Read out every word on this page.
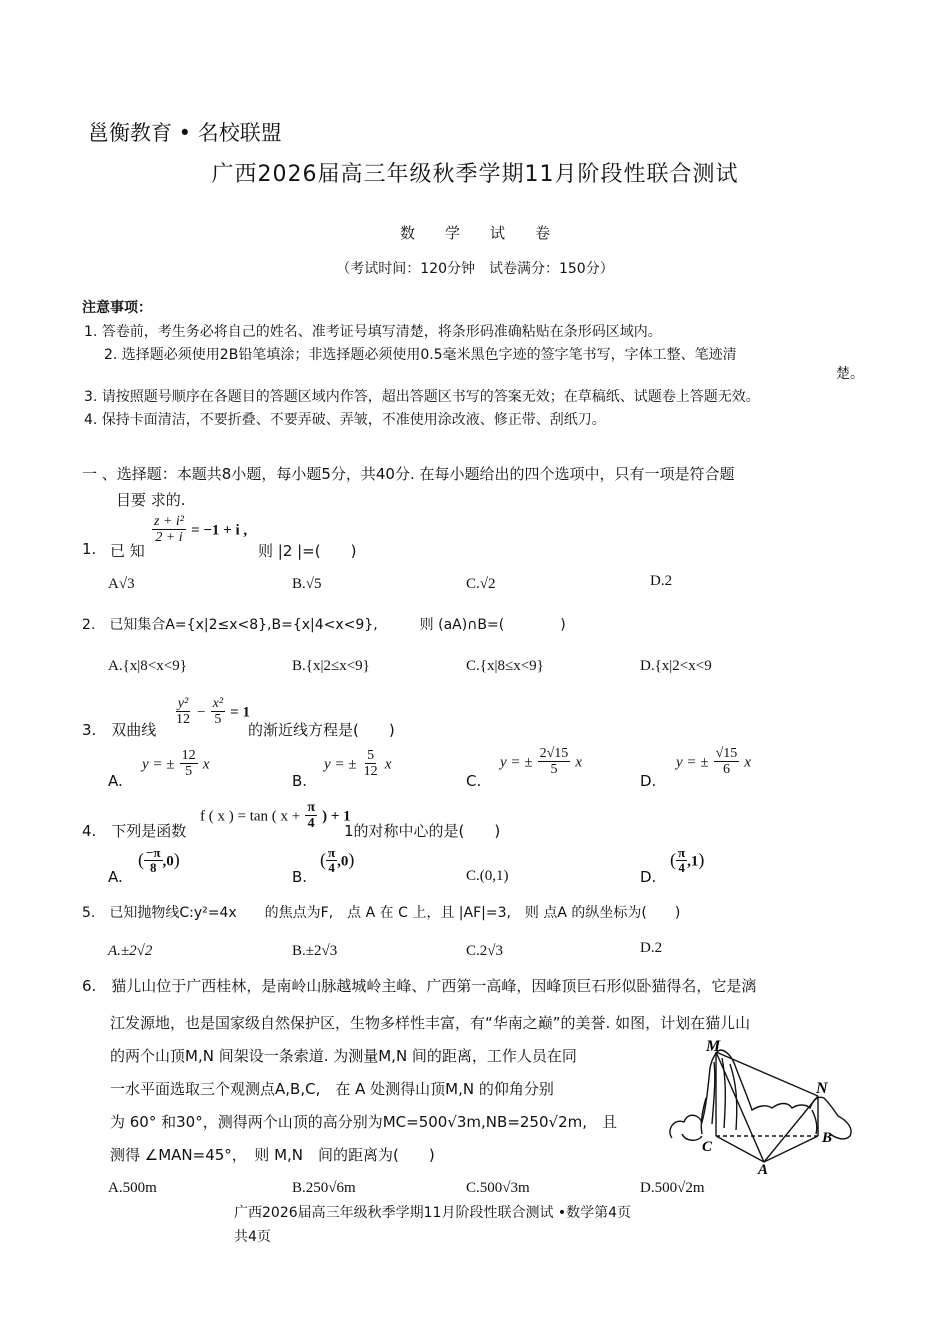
邕衡教育 • 名校联盟
广西2026届高三年级秋季学期11月阶段性联合测试
数　　学　　试　　卷
（考试时间：120分钟　试卷满分：150分）
注意事项：
1. 答卷前，考生务必将自己的姓名、准考证号填写清楚，将条形码准确粘贴在条形码区域内。
2. 选择题必须使用2B铅笔填涂；非选择题必须使用0.5毫米黑色字迹的签字笔书写，字体工整、笔迹清
楚。
3. 请按照题号顺序在各题目的答题区域内作答，超出答题区书写的答案无效；在草稿纸、试题卷上答题无效。
4. 保持卡面清洁，不要折叠、不要弄破、弄皱，不准使用涂改液、修正带、刮纸刀。
一 、选择题：本题共8小题，每小题5分，共40分. 在每小题给出的四个选项中，只有一项是符合题
目要 求的.
1. 已 知
$\frac{\text{z + i²}}{2 + i} = -1 + i$ ,
则 |2 |=(　　)
A√3	B.√5	C.√2	D.2
2.　已知集合A={x|2≤x<8},B={x|4<x<9},　　　则 (aA)∩B=(　　　　)
A.{x|8<x<9}	B.{x|2≤x<9}	C.{x|8≤x<9}	D.{x|2<x<9
3.　双曲线
$\frac{\text{y²}}{12} - \frac{\text{x²}}{5} = 1$
的渐近线方程是(　　)
A.
y = ± $\frac{12}{5}$ x
B.
y = ± $\frac{5}{12}$ x
C.
y = ± $\frac{2√15}{5}$ x
D.
y = ± $\frac{√15}{6}$ x
4.　下列是函数
f ( x ) = tan ( $x + \frac{\pi}{4}$ ) + 1
1的对称中心的是(　　)
A.
( $\frac{-\pi}{8} ,0$)
B.
( $\frac{\pi}{4} ,0$)
C.(0,1)	D.
( $\frac{\pi}{4} ,1$)
5.　已知抛物线C:y²=4x　　的焦点为F,　点 A 在 C 上，且 |AF|=3,　则 点A 的纵坐标为(　　)
A.±2√2	B.±2√3	C.2√3	D.2
6.　猫儿山位于广西桂林，是南岭山脉越城岭主峰、广西第一高峰，因峰顶巨石形似卧猫得名，它是漓
江发源地，也是国家级自然保护区，生物多样性丰富，有“华南之巅”的美誉. 如图，计划在猫儿山
的两个山顶M,N 间架设一条索道. 为测量M,N 间的距离，工作人员在同
一水平面选取三个观测点A,B,C,　在 A 处测得山顶M,N 的仰角分别
为 60° 和30°，测得两个山顶的高分别为MC=500√3m,NB=250√2m,　且
测得 ∠MAN=45°，　则 M,N　间的距离为(　　)
M
N
C
B
A
A.500m	B.250√6m	C.500√3m	D.500√2m
广西2026届高三年级秋季学期11月阶段性联合测试 •数学第4页
共4页
